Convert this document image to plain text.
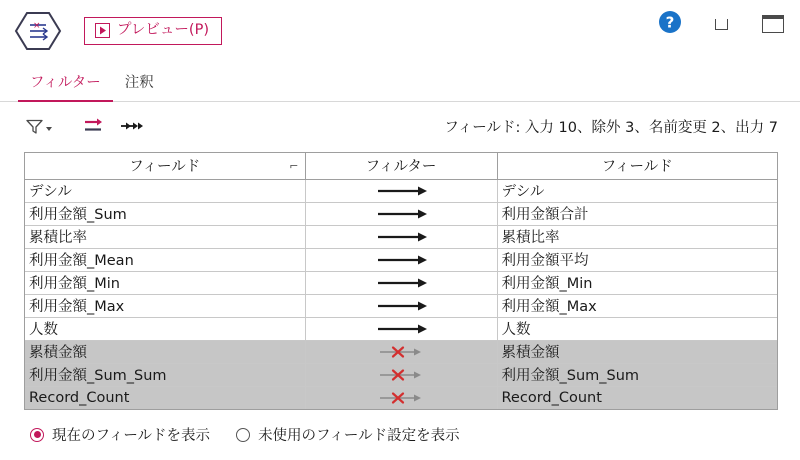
×	プレビュー(P)	?
フィルター	注釈
フィールド: 入力 10、除外 3、名前変更 2、出力 7
フィールド ⌐	フィルター	フィールド
デシル		デシル
利用金額_Sum		利用金額合計
累積比率		累積比率
利用金額_Mean		利用金額平均
利用金額_Min		利用金額_Min
利用金額_Max		利用金額_Max
人数		人数
累積金額		累積金額
利用金額_Sum_Sum		利用金額_Sum_Sum
Record_Count		Record_Count
現在のフィールドを表示	未使用のフィールド設定を表示
